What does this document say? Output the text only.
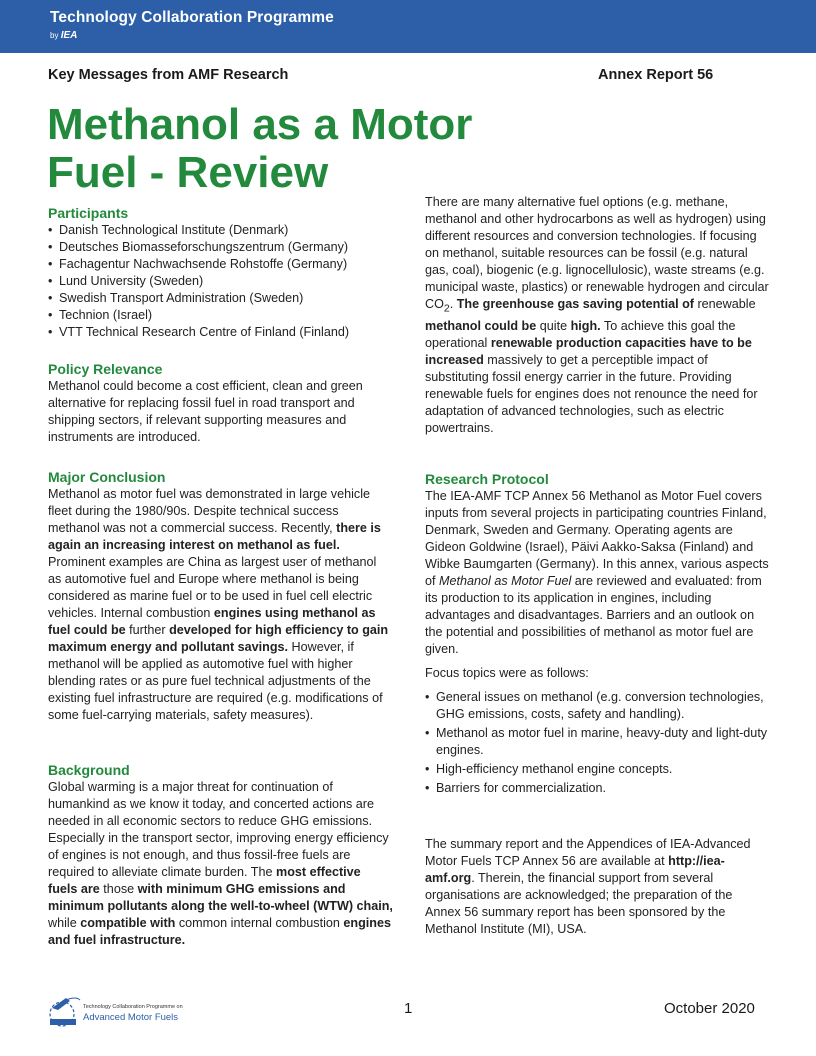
Technology Collaboration Programme
by IEA
Key Messages from AMF Research	Annex Report 56
Methanol as a Motor
Fuel - Review
Participants
• Danish Technological Institute (Denmark)
• Deutsches Biomasseforschungszentrum (Germany)
• Fachagentur Nachwachsende Rohstoffe (Germany)
• Lund University (Sweden)
• Swedish Transport Administration (Sweden)
• Technion (Israel)
• VTT Technical Research Centre of Finland (Finland)
Policy Relevance

Methanol could become a cost efficient, clean and green alternative for replacing fossil fuel in road transport and shipping sectors, if relevant supporting measures and instruments are introduced.

Major Conclusion

Methanol as motor fuel was demonstrated in large vehicle fleet during the 1980/90s. Despite technical success methanol was not a commercial success. Recently, there is again an increasing interest on methanol as fuel. Prominent examples are China as largest user of methanol as automotive fuel and Europe where methanol is being considered as marine fuel or to be used in fuel cell electric vehicles. Internal combustion engines using methanol as fuel could be further developed for high efficiency to gain maximum energy and pollutant savings. However, if methanol will be applied as automotive fuel with higher blending rates or as pure fuel technical adjustments of the existing fuel infrastructure are required (e.g. modifications of some fuel-carrying materials, safety measures).

Background

Global warming is a major threat for continuation of humankind as we know it today, and concerted actions are needed in all economic sectors to reduce GHG emissions. Especially in the transport sector, improving energy efficiency of engines is not enough, and thus fossil-free fuels are required to alleviate climate burden. The most effective fuels are those with minimum GHG emissions and minimum pollutants along the well-to-wheel (WTW) chain, while compatible with common internal combustion engines and fuel infrastructure.

There are many alternative fuel options (e.g. methane, methanol and other hydrocarbons as well as hydrogen) using different resources and conversion technologies. If focusing on methanol, suitable resources can be fossil (e.g. natural gas, coal), biogenic (e.g. lignocellulosic), waste streams (e.g. municipal waste, plastics) or renewable hydrogen and circular $CO_2$. The greenhouse gas saving potential of renewable methanol could be quite high. To achieve this goal the operational renewable production capacities have to be increased massively to get a perceptible impact of substituting fossil energy carrier in the future. Providing renewable fuels for engines does not renounce the need for adaptation of advanced technologies, such as electric powertrains.

Research Protocol

The IEA-AMF TCP Annex 56 Methanol as Motor Fuel covers inputs from several projects in participating countries Finland, Denmark, Sweden and Germany. Operating agents are Gideon Goldwine (Israel), Päivi Aakko-Saksa (Finland) and Wibke Baumgarten (Germany). In this annex, various aspects of Methanol as Motor Fuel are reviewed and evaluated: from its production to its application in engines, including advantages and disadvantages. Barriers and an outlook on the potential and possibilities of methanol as motor fuel are given.

Focus topics were as follows:

• General issues on methanol (e.g. conversion technologies, GHG emissions, costs, safety and handling).
• Methanol as motor fuel in marine, heavy-duty and light-duty engines.
• High-efficiency methanol engine concepts.
• Barriers for commercialization.

The summary report and the Appendices of IEA-Advanced Motor Fuels TCP Annex 56 are available at http://iea-amf.org. Therein, the financial support from several organisations are acknowledged; the preparation of the Annex 56 summary report has been sponsored by the Methanol Institute (MI), USA.

Technology Collaboration Programme on
Advanced Motor Fuels
1	October 2020
